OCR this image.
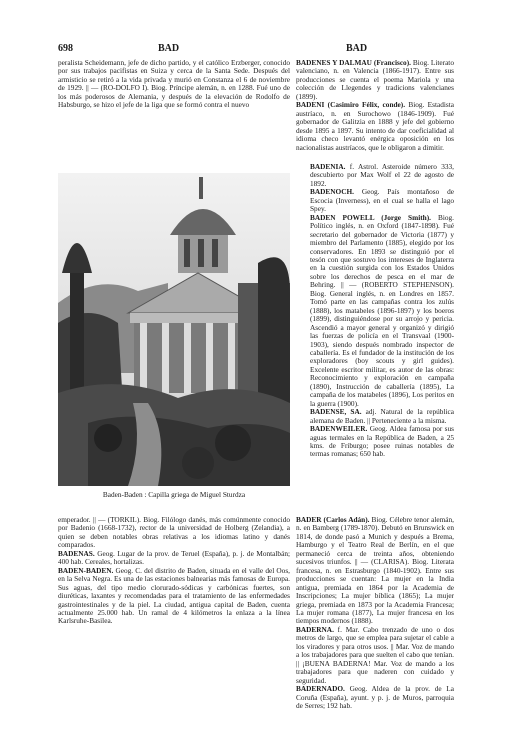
698	BAD	BAD

peralista Scheidemann, jefe de dicho partido, y el católico Erzberger, conocido por sus trabajos pacifistas en Suiza y cerca de la Santa Sede. Después del armisticio se retiró a la vida privada y murió en Constanza el 6 de noviembre de 1929. || — (RO-DOLFO I). Biog. Príncipe alemán, n. en 1288. Fué uno de los más poderosos de Alemania, y después de la elevación de Rodolfo de Habsburgo, se hizo el jefe de la liga que se formó contra el nuevo

Baden-Baden : Capilla griega de Miguel Sturdza

emperador. || — (TORKIL). Biog. Filólogo danés, más comúnmente conocido por Badenio (1668-1732), rector de la universidad de Holberg (Zelandia), a quien se deben notables obras relativas a los idiomas latino y danés comparados.

BADENAS. Geog. Lugar de la prov. de Teruel (España), p. j. de Montalbán; 400 hab. Cereales, hortalizas.

BADEN-BADEN. Geog. C. del distrito de Baden, situada en el valle del Oos, en la Selva Negra. Es una de las estaciones balnearias más famosas de Europa. Sus aguas, del tipo medio clorurado-sódicas y carbónicas fuertes, son diuréticas, laxantes y recomendadas para el tratamiento de las enfermedades gastrointestinales y de la piel. La ciudad, antigua capital de Baden, cuenta actualmente 25.000 hab. Un ramal de 4 kilómetros la enlaza a la línea Karlsruhe-Basilea.

BADENES Y DALMAU (Francisco). Biog. Literato valenciano, n. en Valencia (1866-1917). Entre sus producciones se cuenta el poema Mariola y una colección de Llegendes y tradicions valencianes (1899).

BADENI (Casimiro Félix, conde). Biog. Estadista austríaco, n. en Surochowo (1846-1909). Fué gobernador de Galitzia en 1888 y jefe del gobierno desde 1895 a 1897. Su intento de dar coeficialidad al idioma checo levantó enérgica oposición en los nacionalistas austríacos, que le obligaron a dimitir.

BADENIA. f. Astrol. Asteroide número 333, descubierto por Max Wolf el 22 de agosto de 1892.

BADENOCH. Geog. País montañoso de Escocia (Inverness), en el cual se halla el lago Spey.

BADEN POWELL (Jorge Smith). Biog. Político inglés, n. en Oxford (1847-1898). Fué secretario del gobernador de Victoria (1877) y miembro del Parlamento (1885), elegido por los conservadores. En 1893 se distinguió por el tesón con que sostuvo los intereses de Inglaterra en la cuestión surgida con los Estados Unidos sobre los derechos de pesca en el mar de Behring. || — (ROBERTO STEPHENSON). Biog. General inglés, n. en Londres en 1857. Tomó parte en las campañas contra los zulús (1888), los matabeles (1896-1897) y los boeros (1899), distinguiéndose por su arrojo y pericia. Ascendió a mayor general y organizó y dirigió las fuerzas de policía en el Transvaal (1900-1903), siendo después nombrado inspector de caballería. Es el fundador de la institución de los exploradores (boy scouts y girl guides). Excelente escritor militar, es autor de las obras: Reconocimiento y exploración en campaña (1890), Instrucción de caballería (1895), La campaña de los matabeles (1896), Los peritos en la guerra (1900).

BADENSE, SA. adj. Natural de la república alemana de Baden. || Perteneciente a la misma.

BADENWEILER. Geog. Aldea famosa por sus aguas termales en la República de Baden, a 25 kms. de Friburgo; posee ruinas notables de termas romanas; 650 hab.

BADER (Carlos Adán). Biog. Célebre tenor alemán, n. en Bamberg (1789-1870). Debutó en Brunswick en 1814, de donde pasó a Munich y después a Brema, Hamburgo y el Teatro Real de Berlín, en el que permaneció cerca de treinta años, obteniendo sucesivos triunfos. || — (CLARISA). Biog. Literata francesa, n. en Estrasburgo (1840-1902). Entre sus producciones se cuentan: La mujer en la India antigua, premiada en 1864 por la Academia de Inscripciones; La mujer bíblica (1865); La mujer griega, premiada en 1873 por la Academia Francesa; La mujer romana (1877), La mujer francesa en los tiempos modernos (1888).

BADERNA. f. Mar. Cabo trenzado de uno o dos metros de largo, que se emplea para sujetar el cable a los viradores y para otros usos. || Mar. Voz de mando a los trabajadores para que suelten el cabo que tenían. || ¡BUENA BADERNA! Mar. Voz de mando a los trabajadores para que naderen con cuidado y seguridad.

BADERNADO. Geog. Aldea de la prov. de La Coruña (España), ayunt. y p. j. de Muros, parroquia de Serres; 192 hab.
